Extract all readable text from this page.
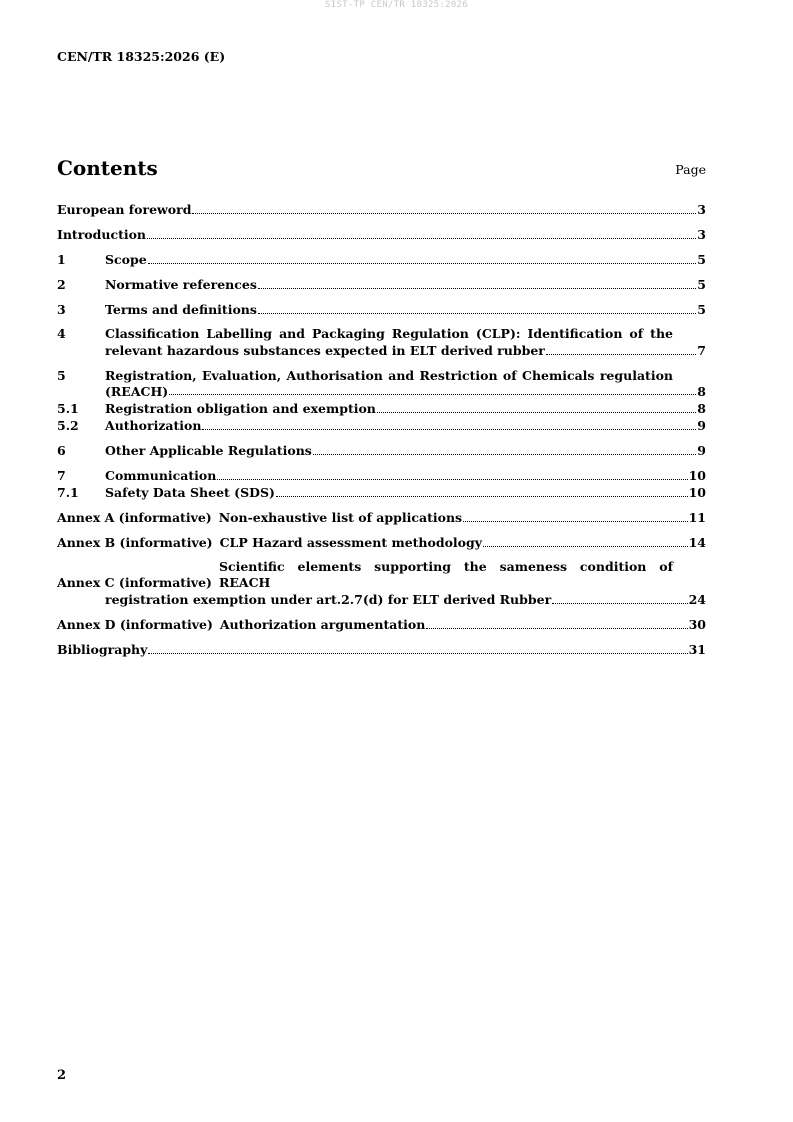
SIST-TP CEN/TR 18325:2026
CEN/TR 18325:2026 (E)
Contents	Page
European foreword	3
Introduction	3
1	Scope	5
2	Normative references	5
3	Terms and definitions	5
4	Classification Labelling and Packaging Regulation (CLP): Identification of the
relevant hazardous substances expected in ELT derived rubber	7
5	Registration, Evaluation, Authorisation and Restriction of Chemicals regulation
(REACH)	8
5.1	Registration obligation and exemption	8
5.2	Authorization	9
6	Other Applicable Regulations	9
7	Communication	10
7.1	Safety Data Sheet (SDS)	10
Annex A (informative) Non-exhaustive list of applications	11
Annex B (informative) CLP Hazard assessment methodology	14
Annex C (informative)
Scientific elements supporting the sameness condition of REACH
registration exemption under art.2.7(d) for ELT derived Rubber	24
Annex D (informative) Authorization argumentation	30
Bibliography	31
2
